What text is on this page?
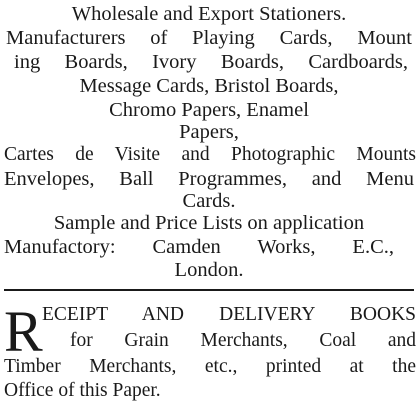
Wholesale and Export Stationers.
Manufacturers of Playing Cards, Mount
ing Boards, Ivory Boards, Cardboards,
Message Cards, Bristol Boards,
Chromo Papers, Enamel
Papers,
Cartes de Visite and Photographic Mounts
Envelopes, Ball Programmes, and Menu
Cards.
Sample and Price Lists on application
Manufactory: Camden Works, E.C.,
London.
R ECEIPT AND DELIVERY BOOKS
for Grain Merchants, Coal and
Timber Merchants, etc., printed at the
Office of this Paper.
